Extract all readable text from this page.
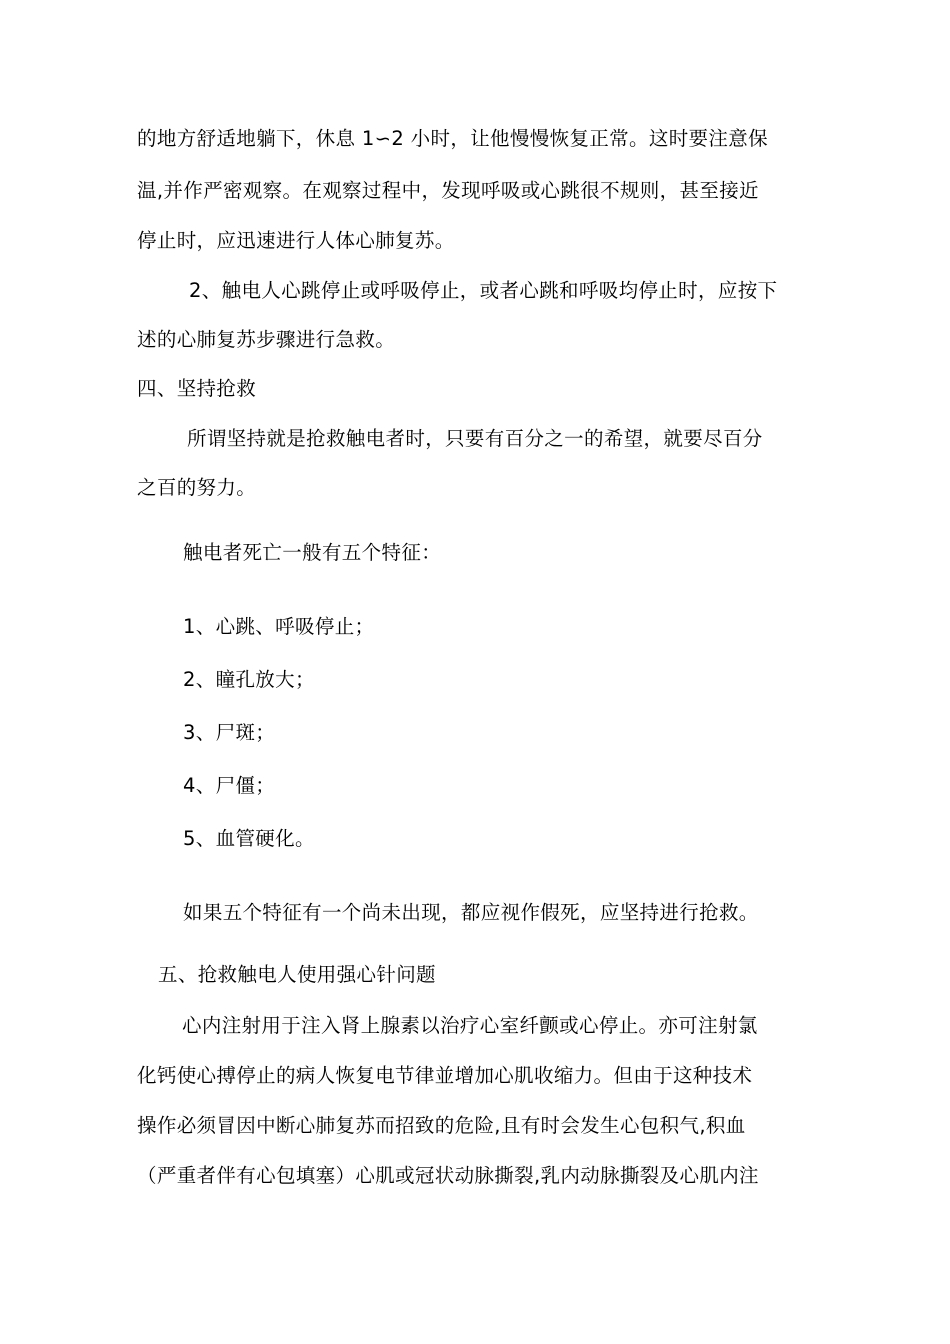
的地方舒适地躺下，休息 1∽2 小时，让他慢慢恢复正常。这时要注意保
温,并作严密观察。在观察过程中，发现呼吸或心跳很不规则，甚至接近
停止时，应迅速进行人体心肺复苏。
2、触电人心跳停止或呼吸停止，或者心跳和呼吸均停止时，应按下
述的心肺复苏步骤进行急救。
四、坚持抢救
所谓坚持就是抢救触电者时，只要有百分之一的希望，就要尽百分
之百的努力。
触电者死亡一般有五个特征：
1、心跳、呼吸停止；
2、瞳孔放大；
3、尸斑；
4、尸僵；
5、血管硬化。
如果五个特征有一个尚未出现，都应视作假死，应坚持进行抢救。
五、抢救触电人使用强心针问题
心内注射用于注入肾上腺素以治疗心室纤颤或心停止。亦可注射氯
化钙使心搏停止的病人恢复电节律並增加心肌收缩力。但由于这种技术
操作必须冒因中断心肺复苏而招致的危险,且有时会发生心包积气,积血
（严重者伴有心包填塞）心肌或冠状动脉撕裂,乳内动脉撕裂及心肌内注
